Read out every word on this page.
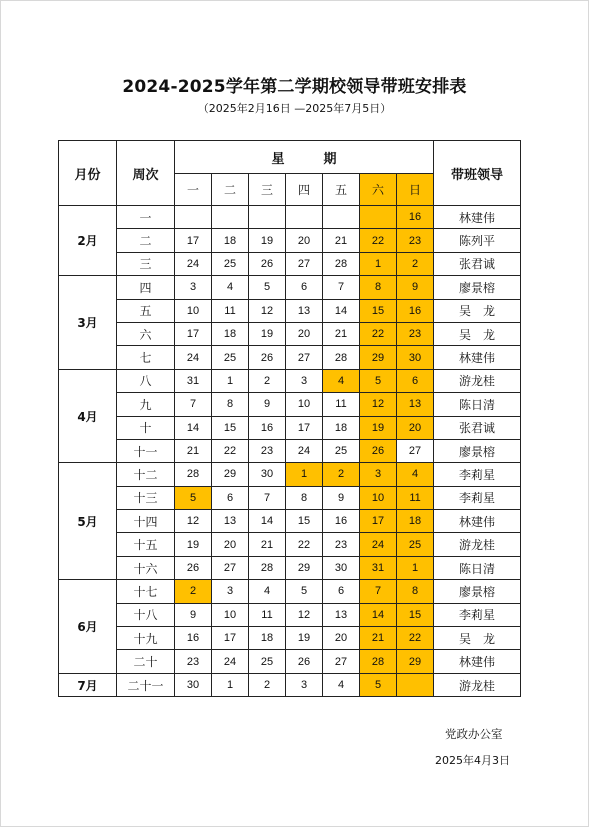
2024-2025学年第二学期校领导带班安排表
（2025年2月16日 —2025年7月5日）
月份	周次	星　　　期							带班领导
		一	二	三	四	五	六	日	
2月	一							16	林建伟
	二	17	18	19	20	21	22	23	陈列平
	三	24	25	26	27	28	1	2	张君诚
3月	四	3	4	5	6	7	8	9	廖景榕
	五	10	11	12	13	14	15	16	吴　龙
	六	17	18	19	20	21	22	23	吴　龙
	七	24	25	26	27	28	29	30	林建伟
4月	八	31	1	2	3	4	5	6	游龙桂
	九	7	8	9	10	11	12	13	陈日清
	十	14	15	16	17	18	19	20	张君诚
	十一	21	22	23	24	25	26	27	廖景榕
5月	十二	28	29	30	1	2	3	4	李莉星
	十三	5	6	7	8	9	10	11	李莉星
	十四	12	13	14	15	16	17	18	林建伟
	十五	19	20	21	22	23	24	25	游龙桂
	十六	26	27	28	29	30	31	1	陈日清
6月	十七	2	3	4	5	6	7	8	廖景榕
	十八	9	10	11	12	13	14	15	李莉星
	十九	16	17	18	19	20	21	22	吴　龙
	二十	23	24	25	26	27	28	29	林建伟
7月	二十一	30	1	2	3	4	5		游龙桂
党政办公室
2025年4月3日
